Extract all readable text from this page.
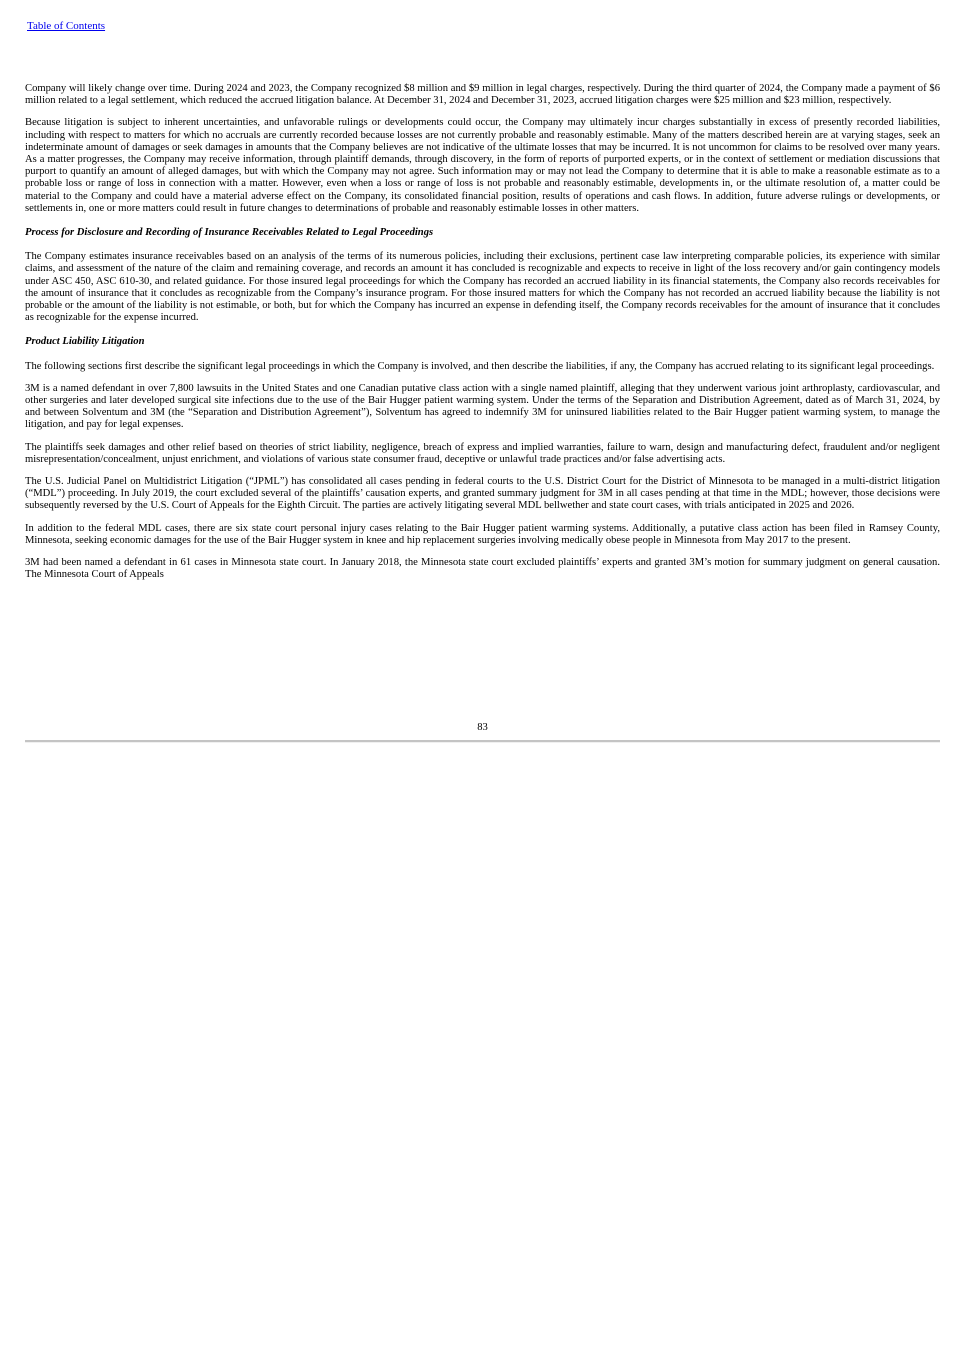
Table of Contents

Company will likely change over time. During 2024 and 2023, the Company recognized $8 million and $9 million in legal charges, respectively. During the third quarter of 2024, the Company made a payment of $6 million related to a legal settlement, which reduced the accrued litigation balance. At December 31, 2024 and December 31, 2023, accrued litigation charges were $25 million and $23 million, respectively.

Because litigation is subject to inherent uncertainties, and unfavorable rulings or developments could occur, the Company may ultimately incur charges substantially in excess of presently recorded liabilities, including with respect to matters for which no accruals are currently recorded because losses are not currently probable and reasonably estimable. Many of the matters described herein are at varying stages, seek an indeterminate amount of damages or seek damages in amounts that the Company believes are not indicative of the ultimate losses that may be incurred. It is not uncommon for claims to be resolved over many years. As a matter progresses, the Company may receive information, through plaintiff demands, through discovery, in the form of reports of purported experts, or in the context of settlement or mediation discussions that purport to quantify an amount of alleged damages, but with which the Company may not agree. Such information may or may not lead the Company to determine that it is able to make a reasonable estimate as to a probable loss or range of loss in connection with a matter. However, even when a loss or range of loss is not probable and reasonably estimable, developments in, or the ultimate resolution of, a matter could be material to the Company and could have a material adverse effect on the Company, its consolidated financial position, results of operations and cash flows. In addition, future adverse rulings or developments, or settlements in, one or more matters could result in future changes to determinations of probable and reasonably estimable losses in other matters.

Process for Disclosure and Recording of Insurance Receivables Related to Legal Proceedings

The Company estimates insurance receivables based on an analysis of the terms of its numerous policies, including their exclusions, pertinent case law interpreting comparable policies, its experience with similar claims, and assessment of the nature of the claim and remaining coverage, and records an amount it has concluded is recognizable and expects to receive in light of the loss recovery and/or gain contingency models under ASC 450, ASC 610-30, and related guidance. For those insured legal proceedings for which the Company has recorded an accrued liability in its financial statements, the Company also records receivables for the amount of insurance that it concludes as recognizable from the Company’s insurance program. For those insured matters for which the Company has not recorded an accrued liability because the liability is not probable or the amount of the liability is not estimable, or both, but for which the Company has incurred an expense in defending itself, the Company records receivables for the amount of insurance that it concludes as recognizable for the expense incurred.

Product Liability Litigation

The following sections first describe the significant legal proceedings in which the Company is involved, and then describe the liabilities, if any, the Company has accrued relating to its significant legal proceedings.

3M is a named defendant in over 7,800 lawsuits in the United States and one Canadian putative class action with a single named plaintiff, alleging that they underwent various joint arthroplasty, cardiovascular, and other surgeries and later developed surgical site infections due to the use of the Bair Hugger patient warming system. Under the terms of the Separation and Distribution Agreement, dated as of March 31, 2024, by and between Solventum and 3M (the “Separation and Distribution Agreement”), Solventum has agreed to indemnify 3M for uninsured liabilities related to the Bair Hugger patient warming system, to manage the litigation, and pay for legal expenses.

The plaintiffs seek damages and other relief based on theories of strict liability, negligence, breach of express and implied warranties, failure to warn, design and manufacturing defect, fraudulent and/or negligent misrepresentation/concealment, unjust enrichment, and violations of various state consumer fraud, deceptive or unlawful trade practices and/or false advertising acts.

The U.S. Judicial Panel on Multidistrict Litigation (“JPML”) has consolidated all cases pending in federal courts to the U.S. District Court for the District of Minnesota to be managed in a multi-district litigation (“MDL”) proceeding. In July 2019, the court excluded several of the plaintiffs’ causation experts, and granted summary judgment for 3M in all cases pending at that time in the MDL; however, those decisions were subsequently reversed by the U.S. Court of Appeals for the Eighth Circuit. The parties are actively litigating several MDL bellwether and state court cases, with trials anticipated in 2025 and 2026.

In addition to the federal MDL cases, there are six state court personal injury cases relating to the Bair Hugger patient warming systems. Additionally, a putative class action has been filed in Ramsey County, Minnesota, seeking economic damages for the use of the Bair Hugger system in knee and hip replacement surgeries involving medically obese people in Minnesota from May 2017 to the present.

3M had been named a defendant in 61 cases in Minnesota state court. In January 2018, the Minnesota state court excluded plaintiffs’ experts and granted 3M’s motion for summary judgment on general causation. The Minnesota Court of Appeals

83
